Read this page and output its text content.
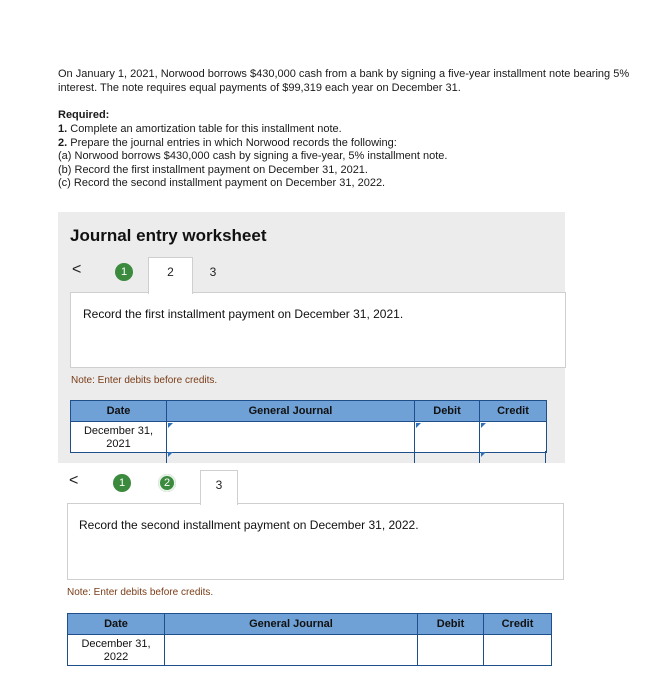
On January 1, 2021, Norwood borrows $430,000 cash from a bank by signing a five-year installment note bearing 5%
interest. The note requires equal payments of $99,319 each year on December 31.
Required:
1. Complete an amortization table for this installment note.
2. Prepare the journal entries in which Norwood records the following:
(a) Norwood borrows $430,000 cash by signing a five-year, 5% installment note.
(b) Record the first installment payment on December 31, 2021.
(c) Record the second installment payment on December 31, 2022.
Journal entry worksheet
<	1	2	3
Record the first installment payment on December 31, 2021.
Note: Enter debits before credits.
Date	General Journal	Debit	Credit

December 31,
2021			

<	1	2	3
Record the second installment payment on December 31, 2022.
Note: Enter debits before credits.
Date	General Journal	Debit	Credit

December 31,
2022			
